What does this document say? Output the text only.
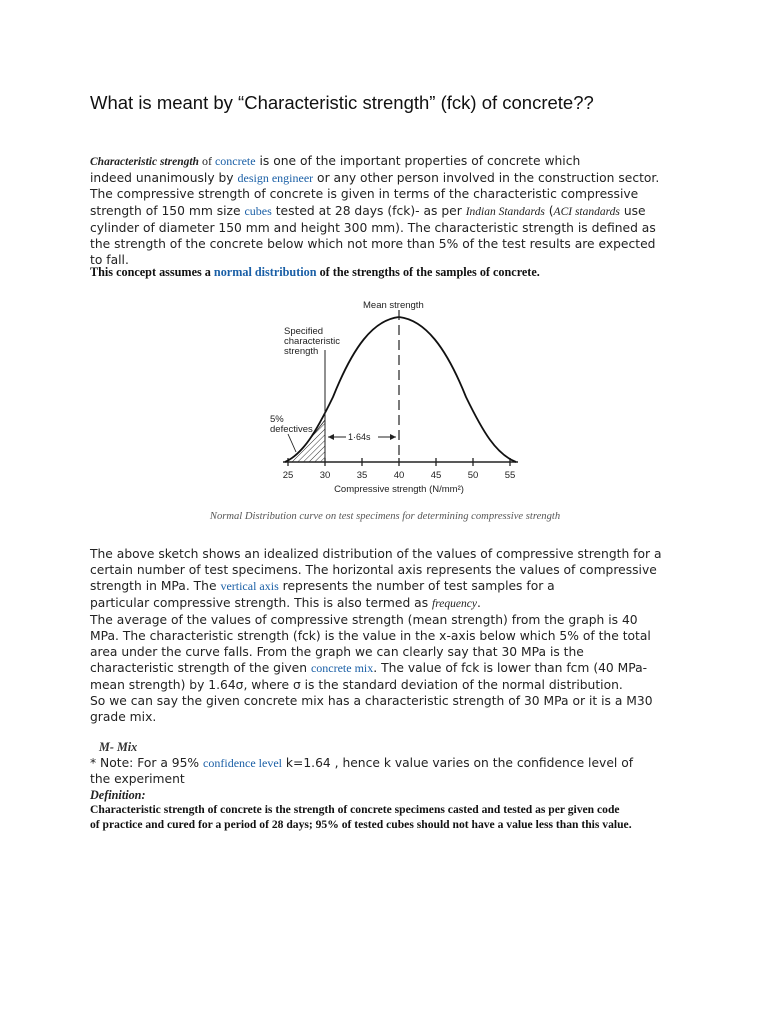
What is meant by “Characteristic strength” (fck) of concrete??
Characteristic strength of concrete is one of the important properties of concrete which
indeed unanimously by design engineer or any other person involved in the construction sector.
The compressive strength of concrete is given in terms of the characteristic compressive
strength of 150 mm size cubes tested at 28 days (fck)- as per Indian Standards (ACI standards use
cylinder of diameter 150 mm and height 300 mm). The characteristic strength is defined as
the strength of the concrete below which not more than 5% of the test results are expected
to fall.
This concept assumes a normal distribution of the strengths of the samples of concrete.
Mean strength
Specified
characteristic
strength
5%
defectives
1·64s
25	30	35	40	45	50	55
Compressive strength (N/mm²)
Normal Distribution curve on test specimens for determining compressive strength
The above sketch shows an idealized distribution of the values of compressive strength for a
certain number of test specimens. The horizontal axis represents the values of compressive
strength in MPa. The vertical axis represents the number of test samples for a
particular compressive strength. This is also termed as frequency.
The average of the values of compressive strength (mean strength) from the graph is 40
MPa. The characteristic strength (fck) is the value in the x-axis below which 5% of the total
area under the curve falls. From the graph we can clearly say that 30 MPa is the
characteristic strength of the given concrete mix. The value of fck is lower than fcm (40 MPa-
mean strength) by 1.64σ, where σ is the standard deviation of the normal distribution.
So we can say the given concrete mix has a characteristic strength of 30 MPa or it is a M30
grade mix.
M- Mix
* Note: For a 95% confidence level k=1.64 , hence k value varies on the confidence level of
the experiment
Definition:
Characteristic strength of concrete is the strength of concrete specimens casted and tested as per given code
of practice and cured for a period of 28 days; 95% of tested cubes should not have a value less than this value.
